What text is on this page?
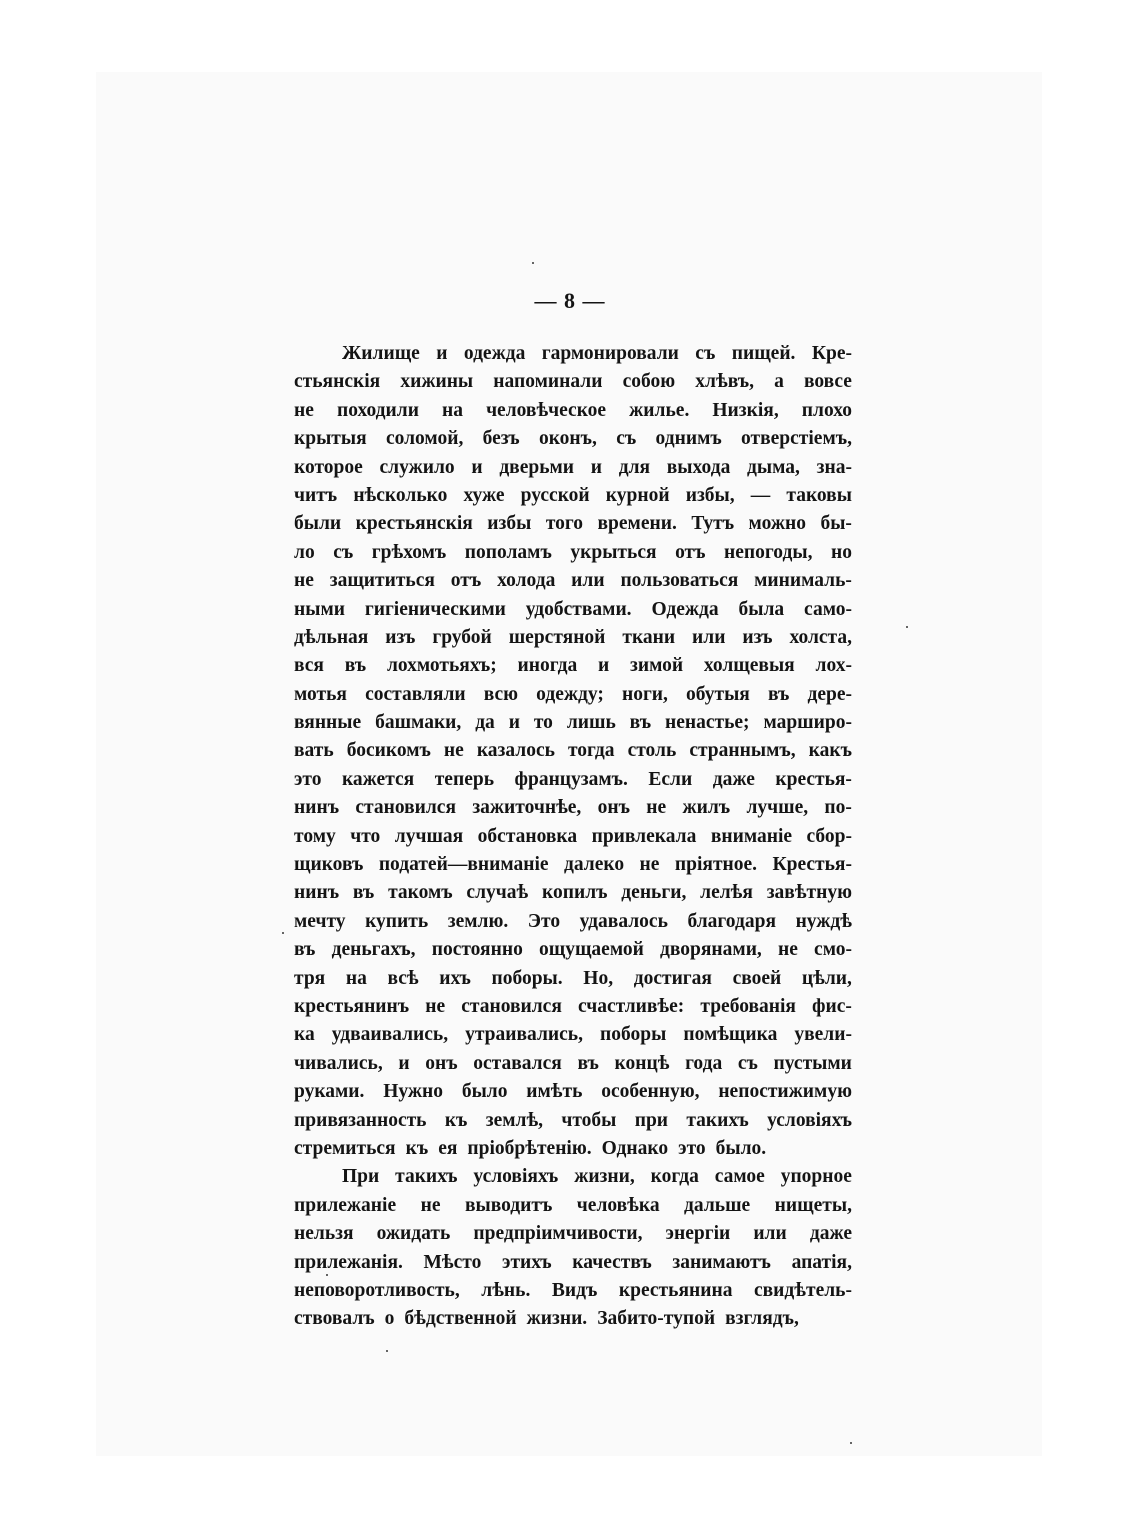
— 8 —
Жилище и одежда гармонировали съ пищей. Кре-
стьянскія хижины напоминали собою хлѣвъ, а вовсе
не походили на человѣческое жилье. Низкія, плохо
крытыя соломой, безъ оконъ, съ однимъ отверстіемъ,
которое служило и дверьми и для выхода дыма, зна-
читъ нѣсколько хуже русской курной избы, — таковы
были крестьянскія избы того времени. Тутъ можно бы-
ло съ грѣхомъ пополамъ укрыться отъ непогоды, но
не защититься отъ холода или пользоваться минималь-
ными гигіеническими удобствами. Одежда была само-
дѣльная изъ грубой шерстяной ткани или изъ холста,
вся въ лохмотьяхъ; иногда и зимой холщевыя лох-
мотья составляли всю одежду; ноги, обутыя въ дере-
вянные башмаки, да и то лишь въ ненастье; марширо-
вать босикомъ не казалось тогда столь страннымъ, какъ
это кажется теперь французамъ. Если даже крестья-
нинъ становился зажиточнѣе, онъ не жилъ лучше, по-
тому что лучшая обстановка привлекала вниманіе сбор-
щиковъ податей—вниманіе далеко не пріятное. Крестья-
нинъ въ такомъ случаѣ копилъ деньги, лелѣя завѣтную
мечту купить землю. Это удавалось благодаря нуждѣ
въ деньгахъ, постоянно ощущаемой дворянами, не смо-
тря на всѣ ихъ поборы. Но, достигая своей цѣли,
крестьянинъ не становился счастливѣе: требованія фис-
ка удваивались, утраивались, поборы помѣщика увели-
чивались, и онъ оставался въ концѣ года съ пустыми
руками. Нужно было имѣть особенную, непостижимую
привязанность къ землѣ, чтобы при такихъ условіяхъ
стремиться къ ея пріобрѣтенію. Однако это было.
При такихъ условіяхъ жизни, когда самое упорное
прилежаніе не выводитъ человѣка дальше нищеты,
нельзя ожидать предпріимчивости, энергіи или даже
прилежанія. Мѣсто этихъ качествъ занимаютъ апатія,
неповоротливость, лѣнь. Видъ крестьянина свидѣтель-
ствовалъ о бѣдственной жизни. Забито-тупой взглядъ,
